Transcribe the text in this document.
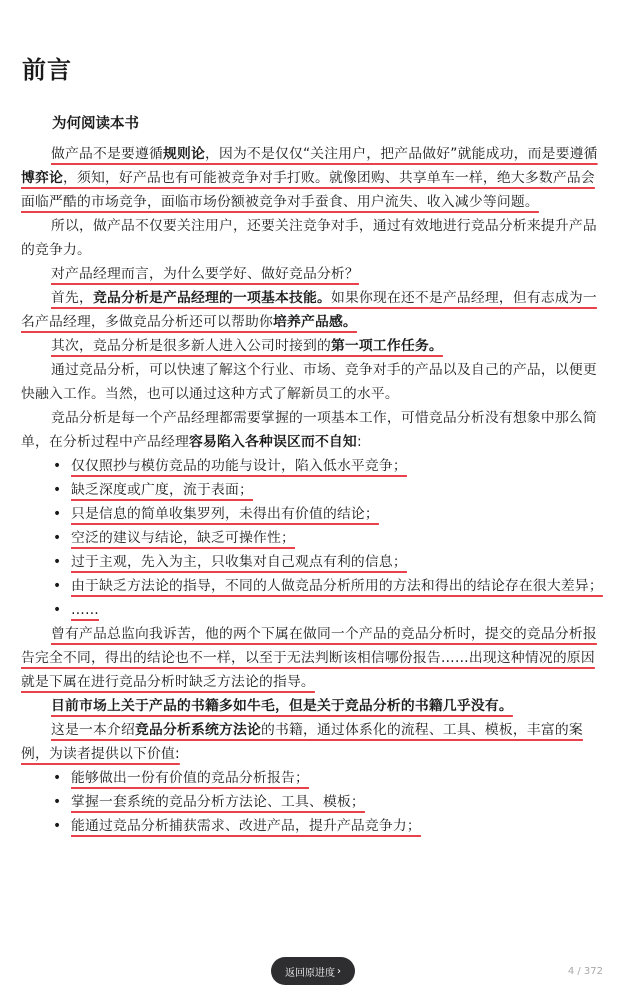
前言
为何阅读本书

做产品不是要遵循规则论，因为不是仅仅“关注用户，把产品做好”就能成功，而是要遵循博弈论，须知，好产品也有可能被竞争对手打败。就像团购、共享单车一样，绝大多数产品会面临严酷的市场竞争，面临市场份额被竞争对手蚕食、用户流失、收入减少等问题。

所以，做产品不仅要关注用户，还要关注竞争对手，通过有效地进行竞品分析来提升产品的竞争力。

对产品经理而言，为什么要学好、做好竞品分析？

首先，竞品分析是产品经理的一项基本技能。如果你现在还不是产品经理，但有志成为一名产品经理，多做竞品分析还可以帮助你培养产品感。

其次，竞品分析是很多新人进入公司时接到的第一项工作任务。

通过竞品分析，可以快速了解这个行业、市场、竞争对手的产品以及自己的产品，以便更快融入工作。当然，也可以通过这种方式了解新员工的水平。

竞品分析是每一个产品经理都需要掌握的一项基本工作，可惜竞品分析没有想象中那么简单，在分析过程中产品经理容易陷入各种误区而不自知:

• 仅仅照抄与模仿竞品的功能与设计，陷入低水平竞争；

• 缺乏深度或广度，流于表面；

• 只是信息的简单收集罗列，未得出有价值的结论；

• 空泛的建议与结论，缺乏可操作性；

• 过于主观，先入为主，只收集对自己观点有利的信息；

• 由于缺乏方法论的指导，不同的人做竞品分析所用的方法和得出的结论存在很大差异；

• ……

曾有产品总监向我诉苦，他的两个下属在做同一个产品的竞品分析时，提交的竞品分析报告完全不同，得出的结论也不一样，以至于无法判断该相信哪份报告……出现这种情况的原因就是下属在进行竞品分析时缺乏方法论的指导。

目前市场上关于产品的书籍多如牛毛，但是关于竞品分析的书籍几乎没有。

这是一本介绍竞品分析系统方法论的书籍，通过体系化的流程、工具、模板，丰富的案例，为读者提供以下价值:

• 能够做出一份有价值的竞品分析报告；

• 掌握一套系统的竞品分析方法论、工具、模板；

• 能通过竞品分析捕获需求、改进产品，提升产品竞争力；

返回原进度 ›	4 / 372
